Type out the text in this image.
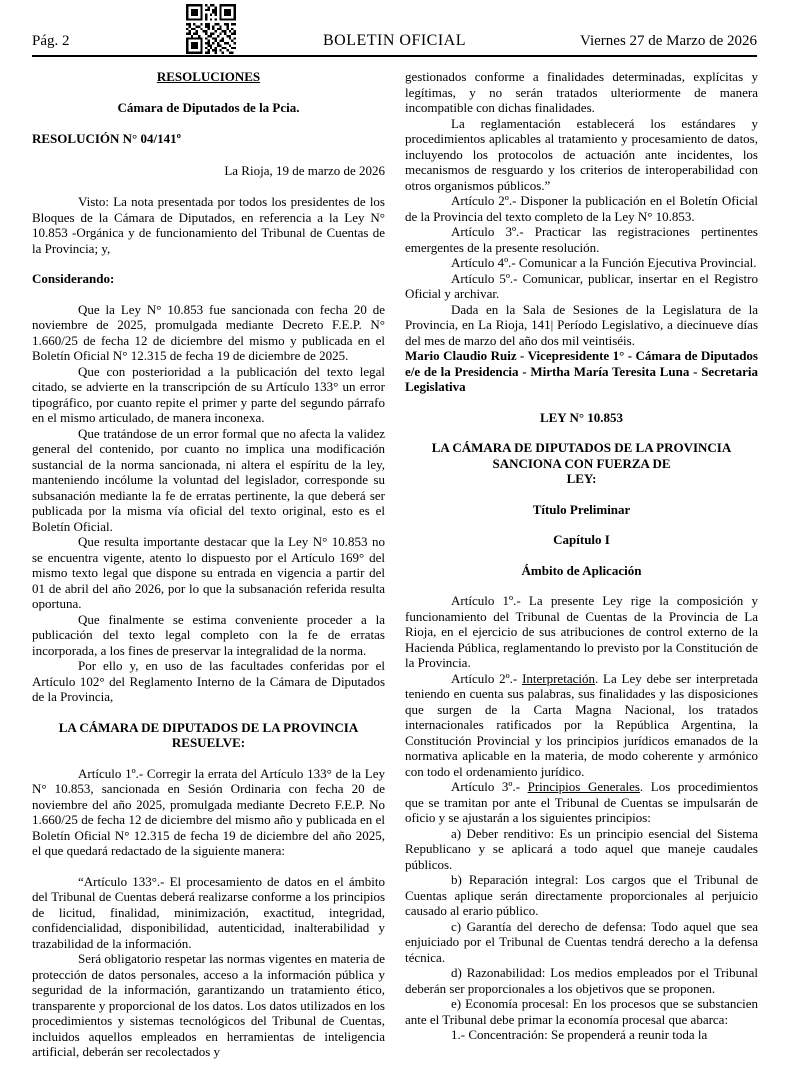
Pág. 2	BOLETIN OFICIAL	Viernes 27 de Marzo de 2026
RESOLUCIONES
Cámara de Diputados de la Pcia.
RESOLUCIÓN N° 04/141º
La Rioja, 19 de marzo de 2026

Visto: La nota presentada por todos los presidentes de los Bloques de la Cámara de Diputados, en referencia a la Ley N° 10.853 -Orgánica y de funcionamiento del Tribunal de Cuentas de la Provincia; y,

Considerando:

Que la Ley N° 10.853 fue sancionada con fecha 20 de noviembre de 2025, promulgada mediante Decreto F.E.P. N° 1.660/25 de fecha 12 de diciembre del mismo y publicada en el Boletín Oficial N° 12.315 de fecha 19 de diciembre de 2025.

Que con posterioridad a la publicación del texto legal citado, se advierte en la transcripción de su Artículo 133° un error tipográfico, por cuanto repite el primer y parte del segundo párrafo en el mismo articulado, de manera inconexa.

Que tratándose de un error formal que no afecta la validez general del contenido, por cuanto no implica una modificación sustancial de la norma sancionada, ni altera el espíritu de la ley, manteniendo incólume la voluntad del legislador, corresponde su subsanación mediante la fe de erratas pertinente, la que deberá ser publicada por la misma vía oficial del texto original, esto es el Boletín Oficial.

Que resulta importante destacar que la Ley N° 10.853 no se encuentra vigente, atento lo dispuesto por el Artículo 169° del mismo texto legal que dispone su entrada en vigencia a partir del 01 de abril del año 2026, por lo que la subsanación referida resulta oportuna.

Que finalmente se estima conveniente proceder a la publicación del texto legal completo con la fe de erratas incorporada, a los fines de preservar la integralidad de la norma.

Por ello y, en uso de las facultades conferidas por el Artículo 102° del Reglamento Interno de la Cámara de Diputados de la Provincia,

LA CÁMARA DE DIPUTADOS DE LA PROVINCIA
RESUELVE:

Artículo 1º.- Corregir la errata del Artículo 133° de la Ley N° 10.853, sancionada en Sesión Ordinaria con fecha 20 de noviembre del año 2025, promulgada mediante Decreto F.E.P. No 1.660/25 de fecha 12 de diciembre del mismo año y publicada en el Boletín Oficial N° 12.315 de fecha 19 de diciembre del año 2025, el que quedará redactado de la siguiente manera:

“Artículo 133°.- El procesamiento de datos en el ámbito del Tribunal de Cuentas deberá realizarse conforme a los principios de licitud, finalidad, minimización, exactitud, integridad, confidencialidad, disponibilidad, autenticidad, inalterabilidad y trazabilidad de la información.

Será obligatorio respetar las normas vigentes en materia de protección de datos personales, acceso a la información pública y seguridad de la información, garantizando un tratamiento ético, transparente y proporcional de los datos. Los datos utilizados en los procedimientos y sistemas tecnológicos del Tribunal de Cuentas, incluidos aquellos empleados en herramientas de inteligencia artificial, deberán ser recolectados y

gestionados conforme a finalidades determinadas, explícitas y legítimas, y no serán tratados ulteriormente de manera incompatible con dichas finalidades.

La reglamentación establecerá los estándares y procedimientos aplicables al tratamiento y procesamiento de datos, incluyendo los protocolos de actuación ante incidentes, los mecanismos de resguardo y los criterios de interoperabilidad con otros organismos públicos.”

Artículo 2º.- Disponer la publicación en el Boletín Oficial de la Provincia del texto completo de la Ley N° 10.853.

Artículo 3º.- Practicar las registraciones pertinentes emergentes de la presente resolución.

Artículo 4º.- Comunicar a la Función Ejecutiva Provincial.

Artículo 5º.- Comunicar, publicar, insertar en el Registro Oficial y archivar.

Dada en la Sala de Sesiones de la Legislatura de la Provincia, en La Rioja, 141| Período Legislativo, a diecinueve días del mes de marzo del año dos mil veintiséis.

Mario Claudio Ruiz - Vicepresidente 1° - Cámara de Diputados e/e de la Presidencia - Mirtha María Teresita Luna - Secretaria Legislativa

LEY N° 10.853
LA CÁMARA DE DIPUTADOS DE LA PROVINCIA
SANCIONA CON FUERZA DE
LEY:
Título Preliminar
Capítulo I
Ámbito de Aplicación

Artículo 1º.- La presente Ley rige la composición y funcionamiento del Tribunal de Cuentas de la Provincia de La Rioja, en el ejercicio de sus atribuciones de control externo de la Hacienda Pública, reglamentando lo previsto por la Constitución de la Provincia.

Artículo 2º.- Interpretación. La Ley debe ser interpretada teniendo en cuenta sus palabras, sus finalidades y las disposiciones que surgen de la Carta Magna Nacional, los tratados internacionales ratificados por la República Argentina, la Constitución Provincial y los principios jurídicos emanados de la normativa aplicable en la materia, de modo coherente y armónico con todo el ordenamiento jurídico.

Artículo 3º.- Principios Generales. Los procedimientos que se tramitan por ante el Tribunal de Cuentas se impulsarán de oficio y se ajustarán a los siguientes principios:

a) Deber renditivo: Es un principio esencial del Sistema Republicano y se aplicará a todo aquel que maneje caudales públicos.

b) Reparación integral: Los cargos que el Tribunal de Cuentas aplique serán directamente proporcionales al perjuicio causado al erario público.

c) Garantía del derecho de defensa: Todo aquel que sea enjuiciado por el Tribunal de Cuentas tendrá derecho a la defensa técnica.

d) Razonabilidad: Los medios empleados por el Tribunal deberán ser proporcionales a los objetivos que se proponen.

e) Economía procesal: En los procesos que se substancien ante el Tribunal debe primar la economía procesal que abarca:

1.- Concentración: Se propenderá a reunir toda la
